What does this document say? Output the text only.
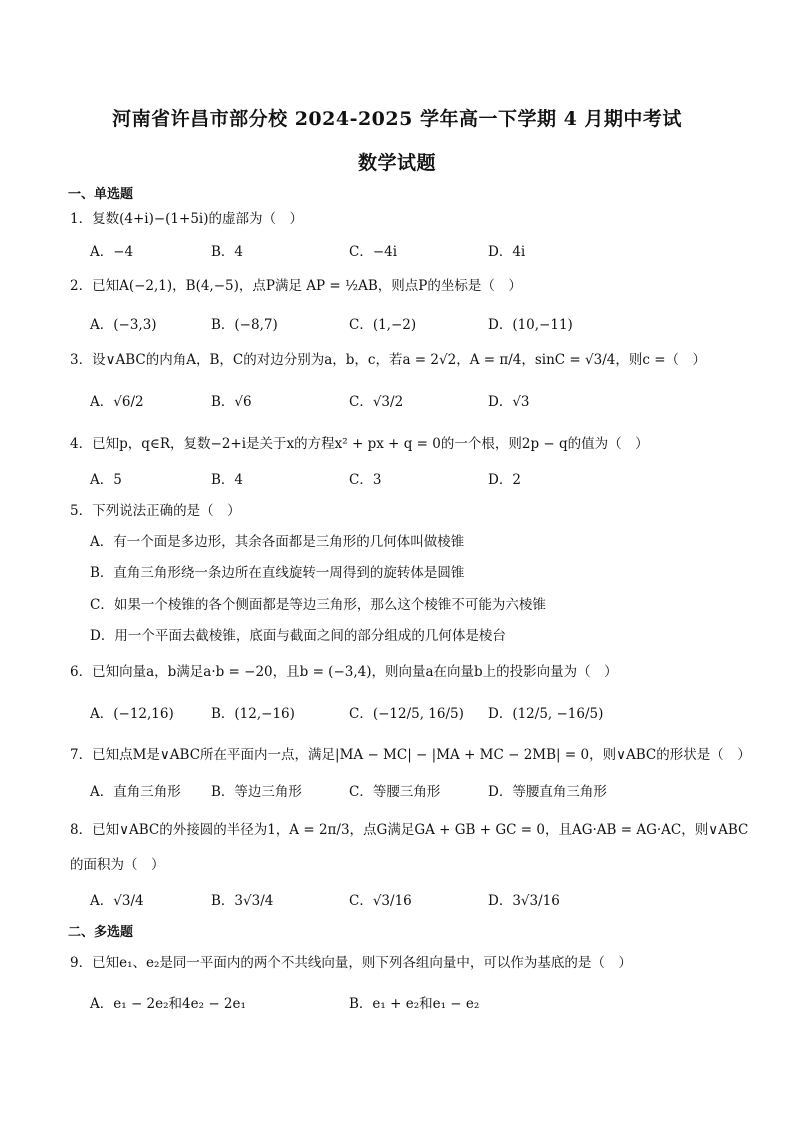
河南省许昌市部分校 2024-2025 学年高一下学期 4 月期中考试
数学试题
一、单选题
1．复数(4+i)−(1+5i)的虚部为（　）
A．−4	B．4	C．−4i	D．4i
2．已知A(−2,1)，B(4,−5)，点P满足 AP = ½AB，则点P的坐标是（　）
A．(−3,3)	B．(−8,7)	C．(1,−2)	D．(10,−11)
3．设∨ABC的内角A，B，C的对边分别为a，b，c，若a = 2√2，A = π/4，sinC = √3/4，则c =（　）
A．√6/2	B．√6	C．√3/2	D．√3
4．已知p，q∈R，复数−2+i是关于x的方程x² + px + q = 0的一个根，则2p − q的值为（　）
A．5	B．4	C．3	D．2
5．下列说法正确的是（　）
A．有一个面是多边形，其余各面都是三角形的几何体叫做棱锥
B．直角三角形绕一条边所在直线旋转一周得到的旋转体是圆锥
C．如果一个棱锥的各个侧面都是等边三角形，那么这个棱锥不可能为六棱锥
D．用一个平面去截棱锥，底面与截面之间的部分组成的几何体是棱台
6．已知向量a，b满足a·b = −20，且b = (−3,4)，则向量a在向量b上的投影向量为（　）
A．(−12,16)	B．(12,−16)	C．(−12/5, 16/5) D．(12/5, −16/5)
7．已知点M是∨ABC所在平面内一点，满足|MA − MC| − |MA + MC − 2MB| = 0，则∨ABC的形状是（　）
A．直角三角形 B．等边三角形	C．等腰三角形	D．等腰直角三角形
8．已知∨ABC的外接圆的半径为1，A = 2π/3，点G满足GA + GB + GC = 0，且AG·AB = AG·AC，则∨ABC
的面积为（　）
A．√3/4	B．3√3/4	C．√3/16	D．3√3/16
二、多选题
9．已知e₁、e₂是同一平面内的两个不共线向量，则下列各组向量中，可以作为基底的是（　）
A．e₁ − 2e₂和4e₂ − 2e₁	B．e₁ + e₂和e₁ − e₂
